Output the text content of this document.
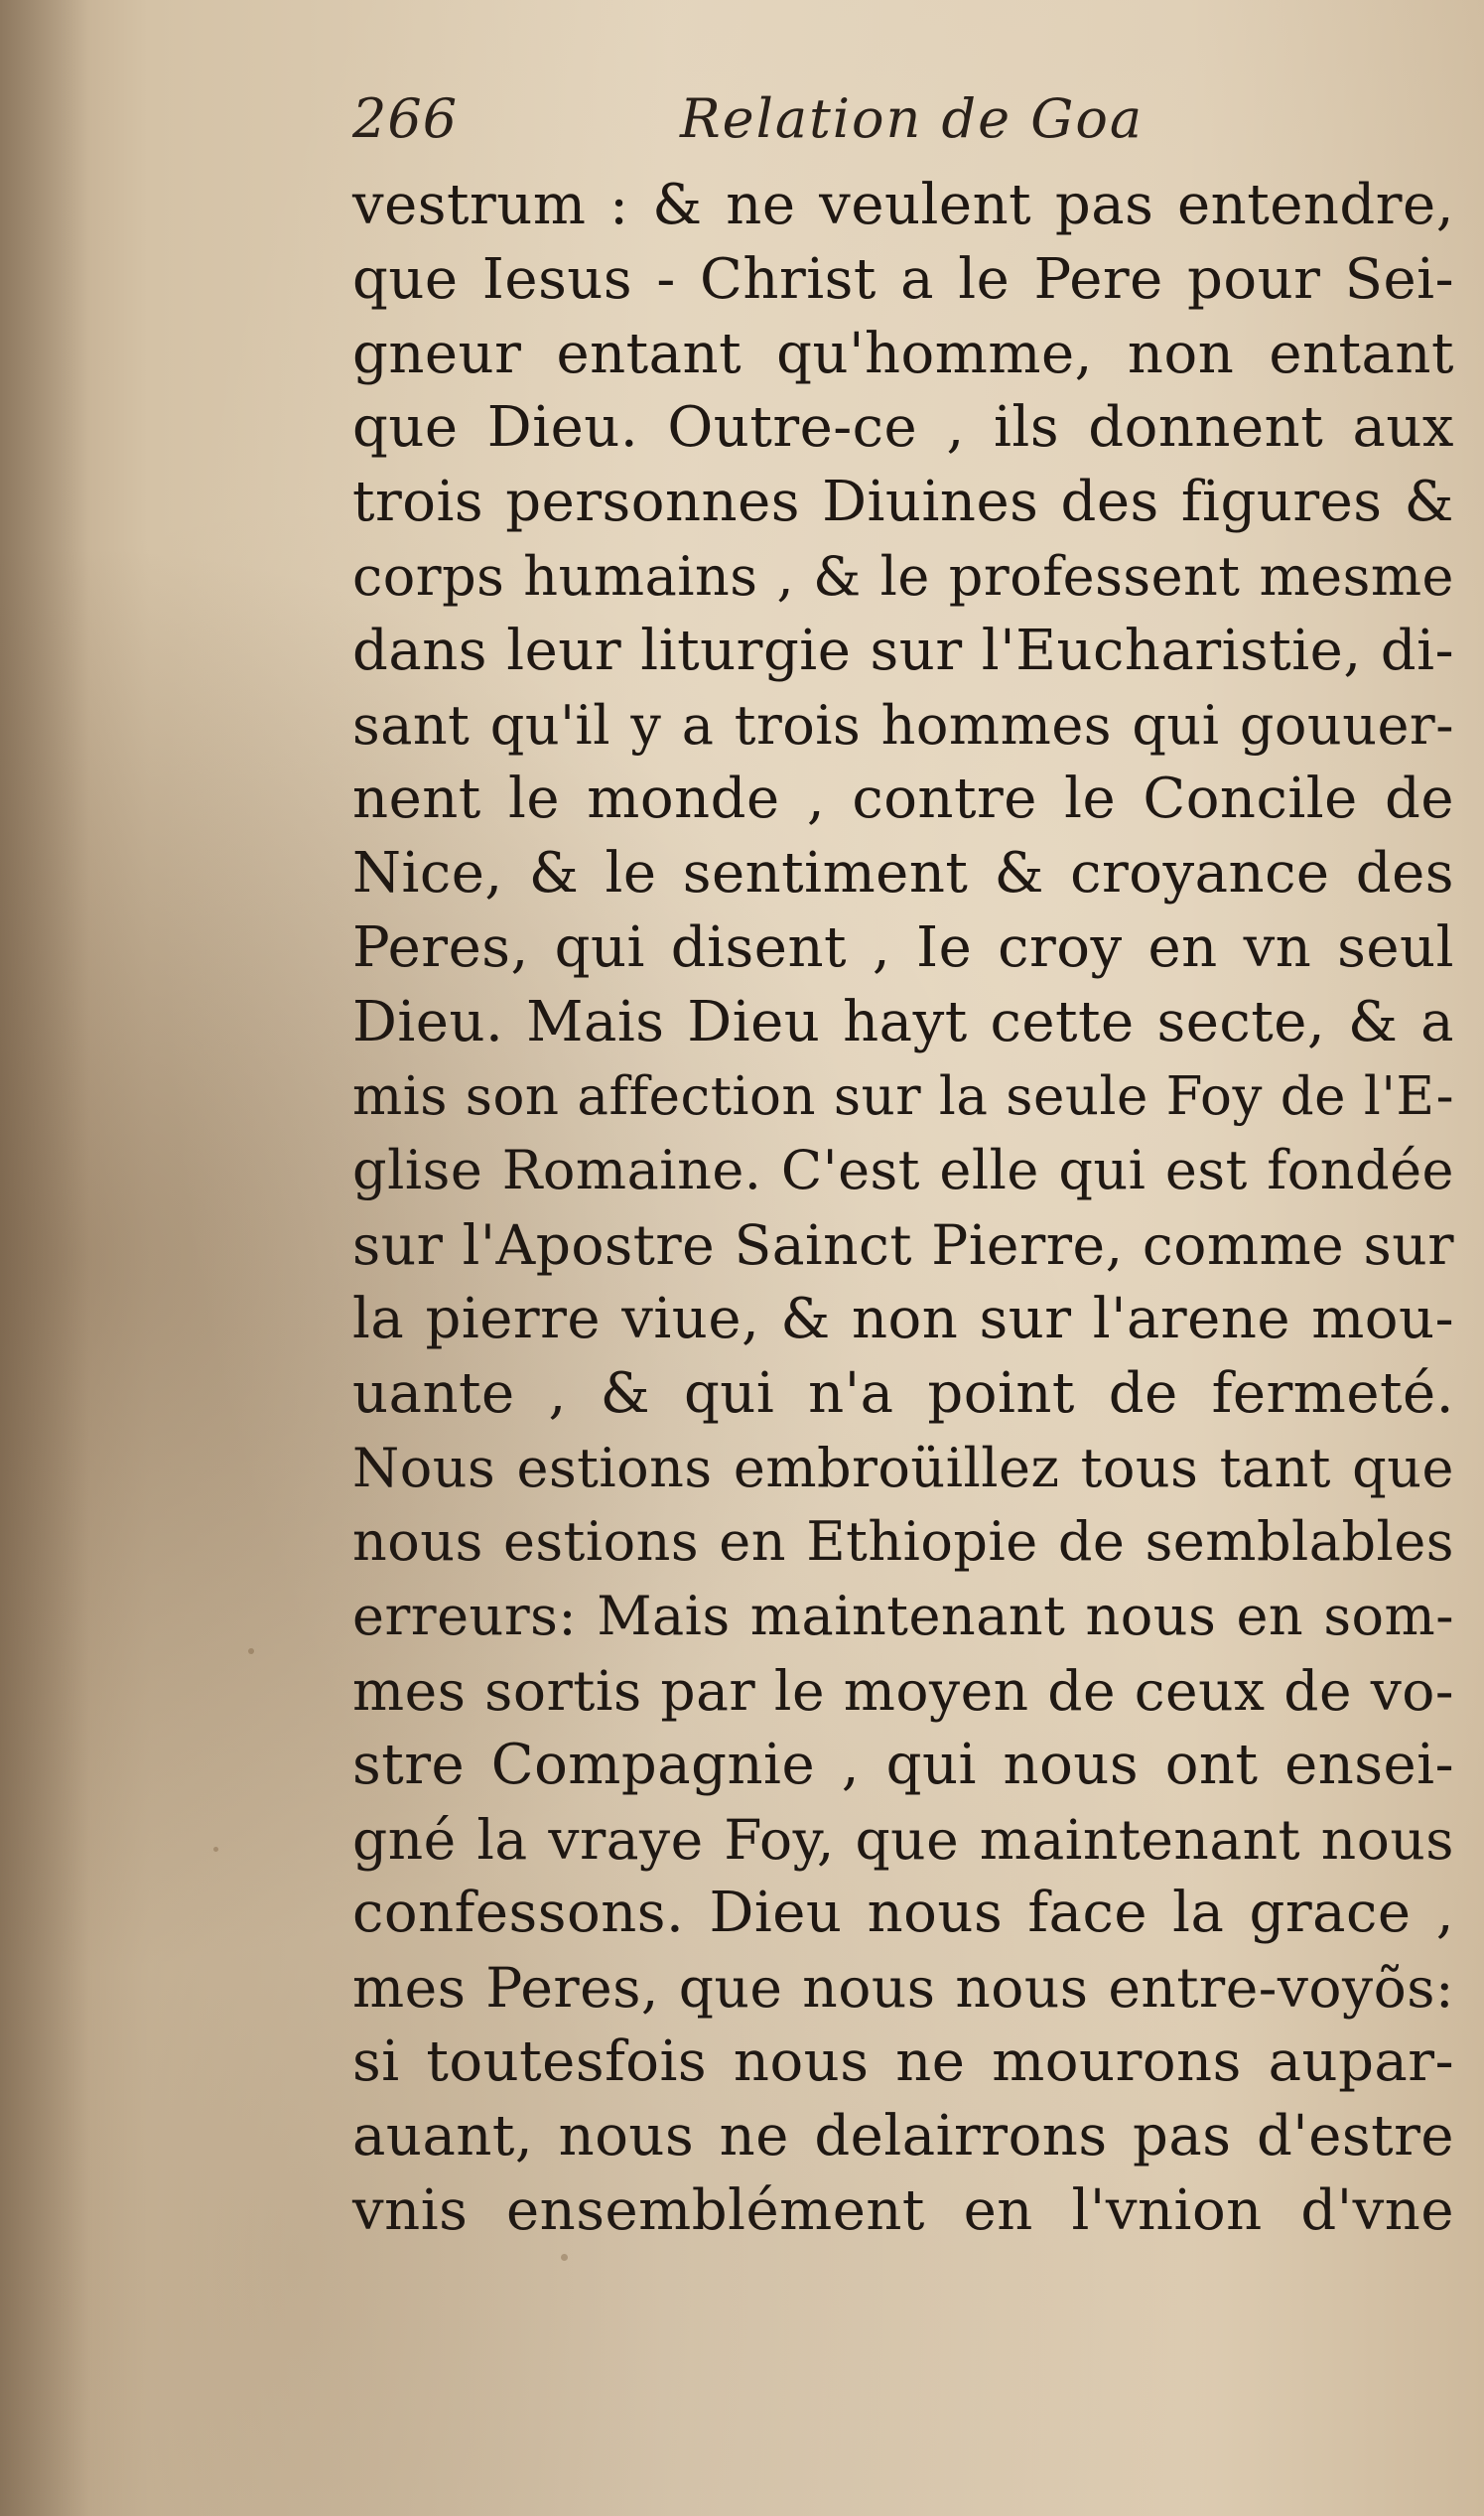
266	Relation de Goa
vestrum : & ne veulent pas entendre,
que Iesus - Christ a le Pere pour Sei-
gneur entant qu'homme, non entant
que Dieu. Outre-ce , ils donnent aux
trois personnes Diuines des figures &
corps humains , & le professent mesme
dans leur liturgie sur l'Eucharistie, di-
sant qu'il y a trois hommes qui gouuer-
nent le monde , contre le Concile de
Nice, & le sentiment & croyance des
Peres, qui disent , Ie croy en vn seul
Dieu. Mais Dieu hayt cette secte, & a
mis son affection sur la seule Foy de l'E-
glise Romaine. C'est elle qui est fondée
sur l'Apostre Sainct Pierre, comme sur
la pierre viue, & non sur l'arene mou-
uante , & qui n'a point de fermeté.
Nous estions embroüillez tous tant que
nous estions en Ethiopie de semblables
erreurs: Mais maintenant nous en som-
mes sortis par le moyen de ceux de vo-
stre Compagnie , qui nous ont ensei-
gné la vraye Foy, que maintenant nous
confessons. Dieu nous face la grace ,
mes Peres, que nous nous entre-voyõs:
si toutesfois nous ne mourons aupar-
auant, nous ne delairrons pas d'estre
vnis ensemblément en l'vnion d'vne
